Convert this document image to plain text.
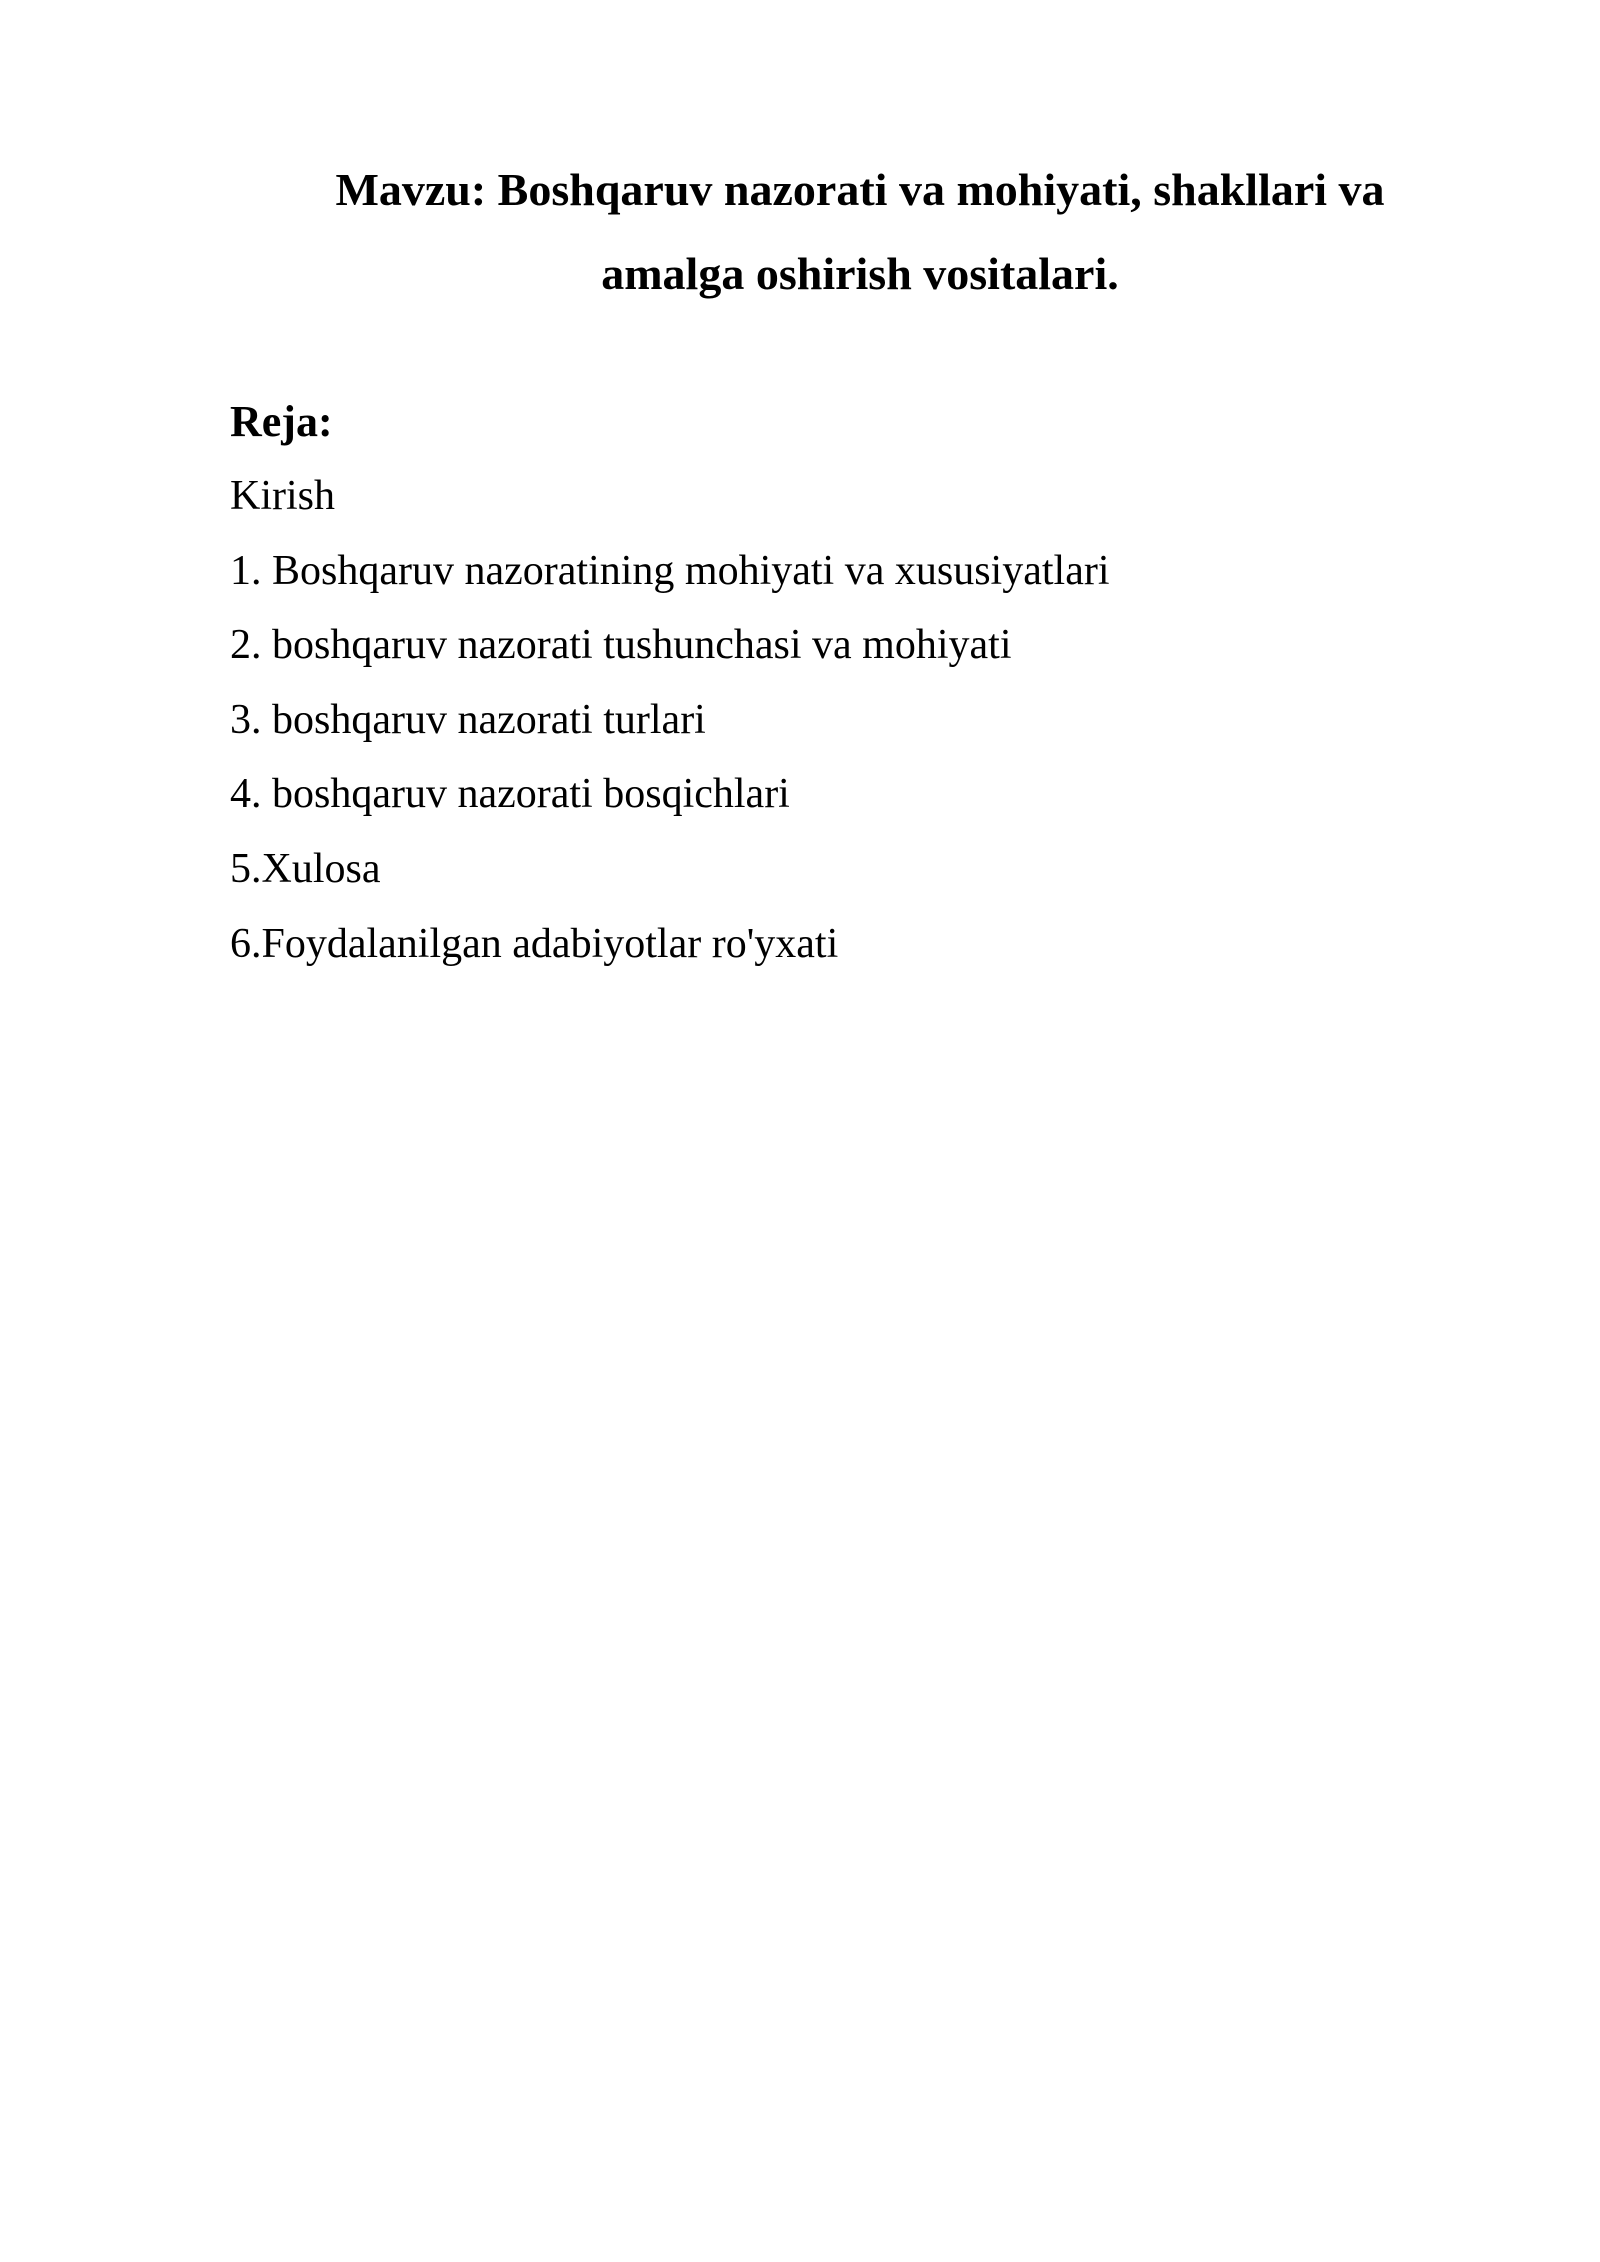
Mavzu: Boshqaruv nazorati va mohiyati, shakllari va
amalga oshirish vositalari.

Reja:

Kirish
1. Boshqaruv nazoratining mohiyati va xususiyatlari
2. boshqaruv nazorati tushunchasi va mohiyati
3. boshqaruv nazorati turlari
4. boshqaruv nazorati bosqichlari
5.Xulosa
6.Foydalanilgan adabiyotlar ro'yxati
